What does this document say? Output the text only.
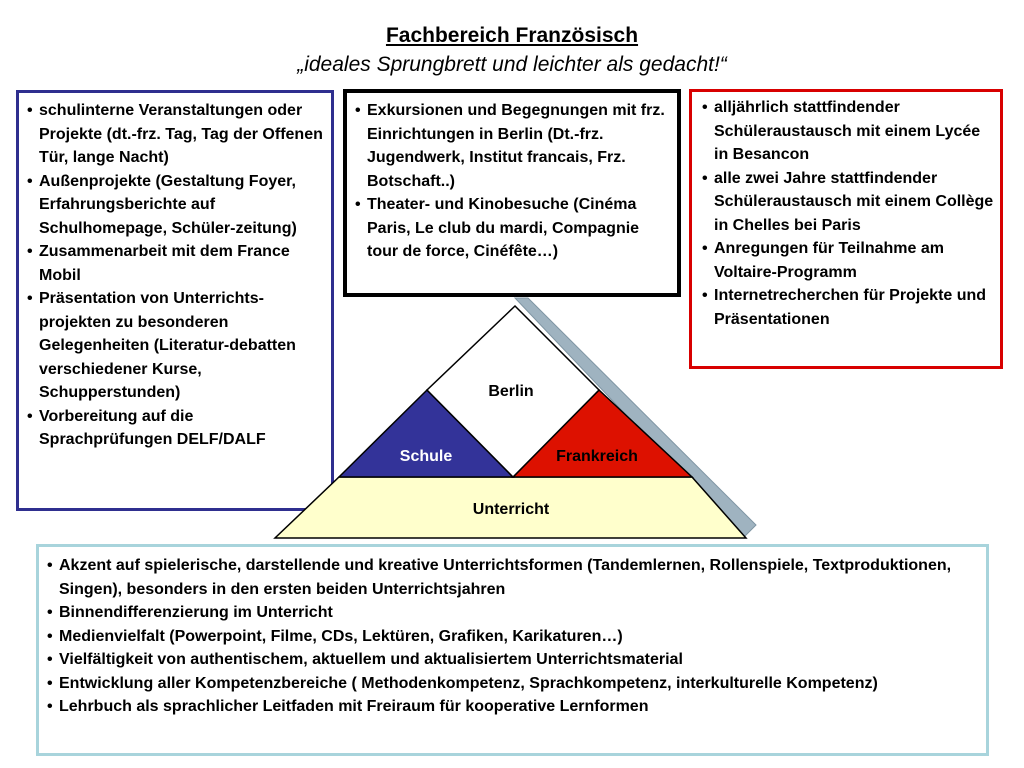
Fachbereich Französisch
„ideales Sprungbrett und leichter als gedacht!“
• schulinterne Veranstaltungen oder Projekte (dt.-frz. Tag, Tag der Offenen Tür, lange Nacht)
• Außenprojekte (Gestaltung Foyer, Erfahrungsberichte auf Schulhomepage, Schüler-zeitung)
• Zusammenarbeit mit dem France Mobil
• Präsentation von Unterrichts-projekten zu besonderen Gelegenheiten (Literatur-debatten verschiedener Kurse, Schupperstunden)
• Vorbereitung auf die Sprachprüfungen DELF/DALF
• Exkursionen und Begegnungen mit frz. Einrichtungen in Berlin (Dt.-frz. Jugendwerk, Institut francais, Frz. Botschaft..)
• Theater- und Kinobesuche (Cinéma Paris, Le club du mardi, Compagnie tour de force, Cinéfête…)
• alljährlich stattfindender Schüleraustausch mit einem Lycée in Besancon
• alle zwei Jahre stattfindender Schüleraustausch mit einem Collège in Chelles bei Paris
• Anregungen für Teilnahme am Voltaire-Programm
• Internetrecherchen für Projekte und Präsentationen
Berlin
Schule	Frankreich
Unterricht
• Akzent auf spielerische, darstellende und kreative Unterrichtsformen (Tandemlernen, Rollenspiele, Textproduktionen, Singen), besonders in den ersten beiden Unterrichtsjahren
• Binnendifferenzierung im Unterricht
• Medienvielfalt (Powerpoint, Filme, CDs, Lektüren, Grafiken, Karikaturen…)
• Vielfältigkeit von authentischem, aktuellem und aktualisiertem Unterrichtsmaterial
• Entwicklung aller Kompetenzbereiche ( Methodenkompetenz, Sprachkompetenz, interkulturelle Kompetenz)
• Lehrbuch als sprachlicher Leitfaden mit Freiraum für kooperative Lernformen
